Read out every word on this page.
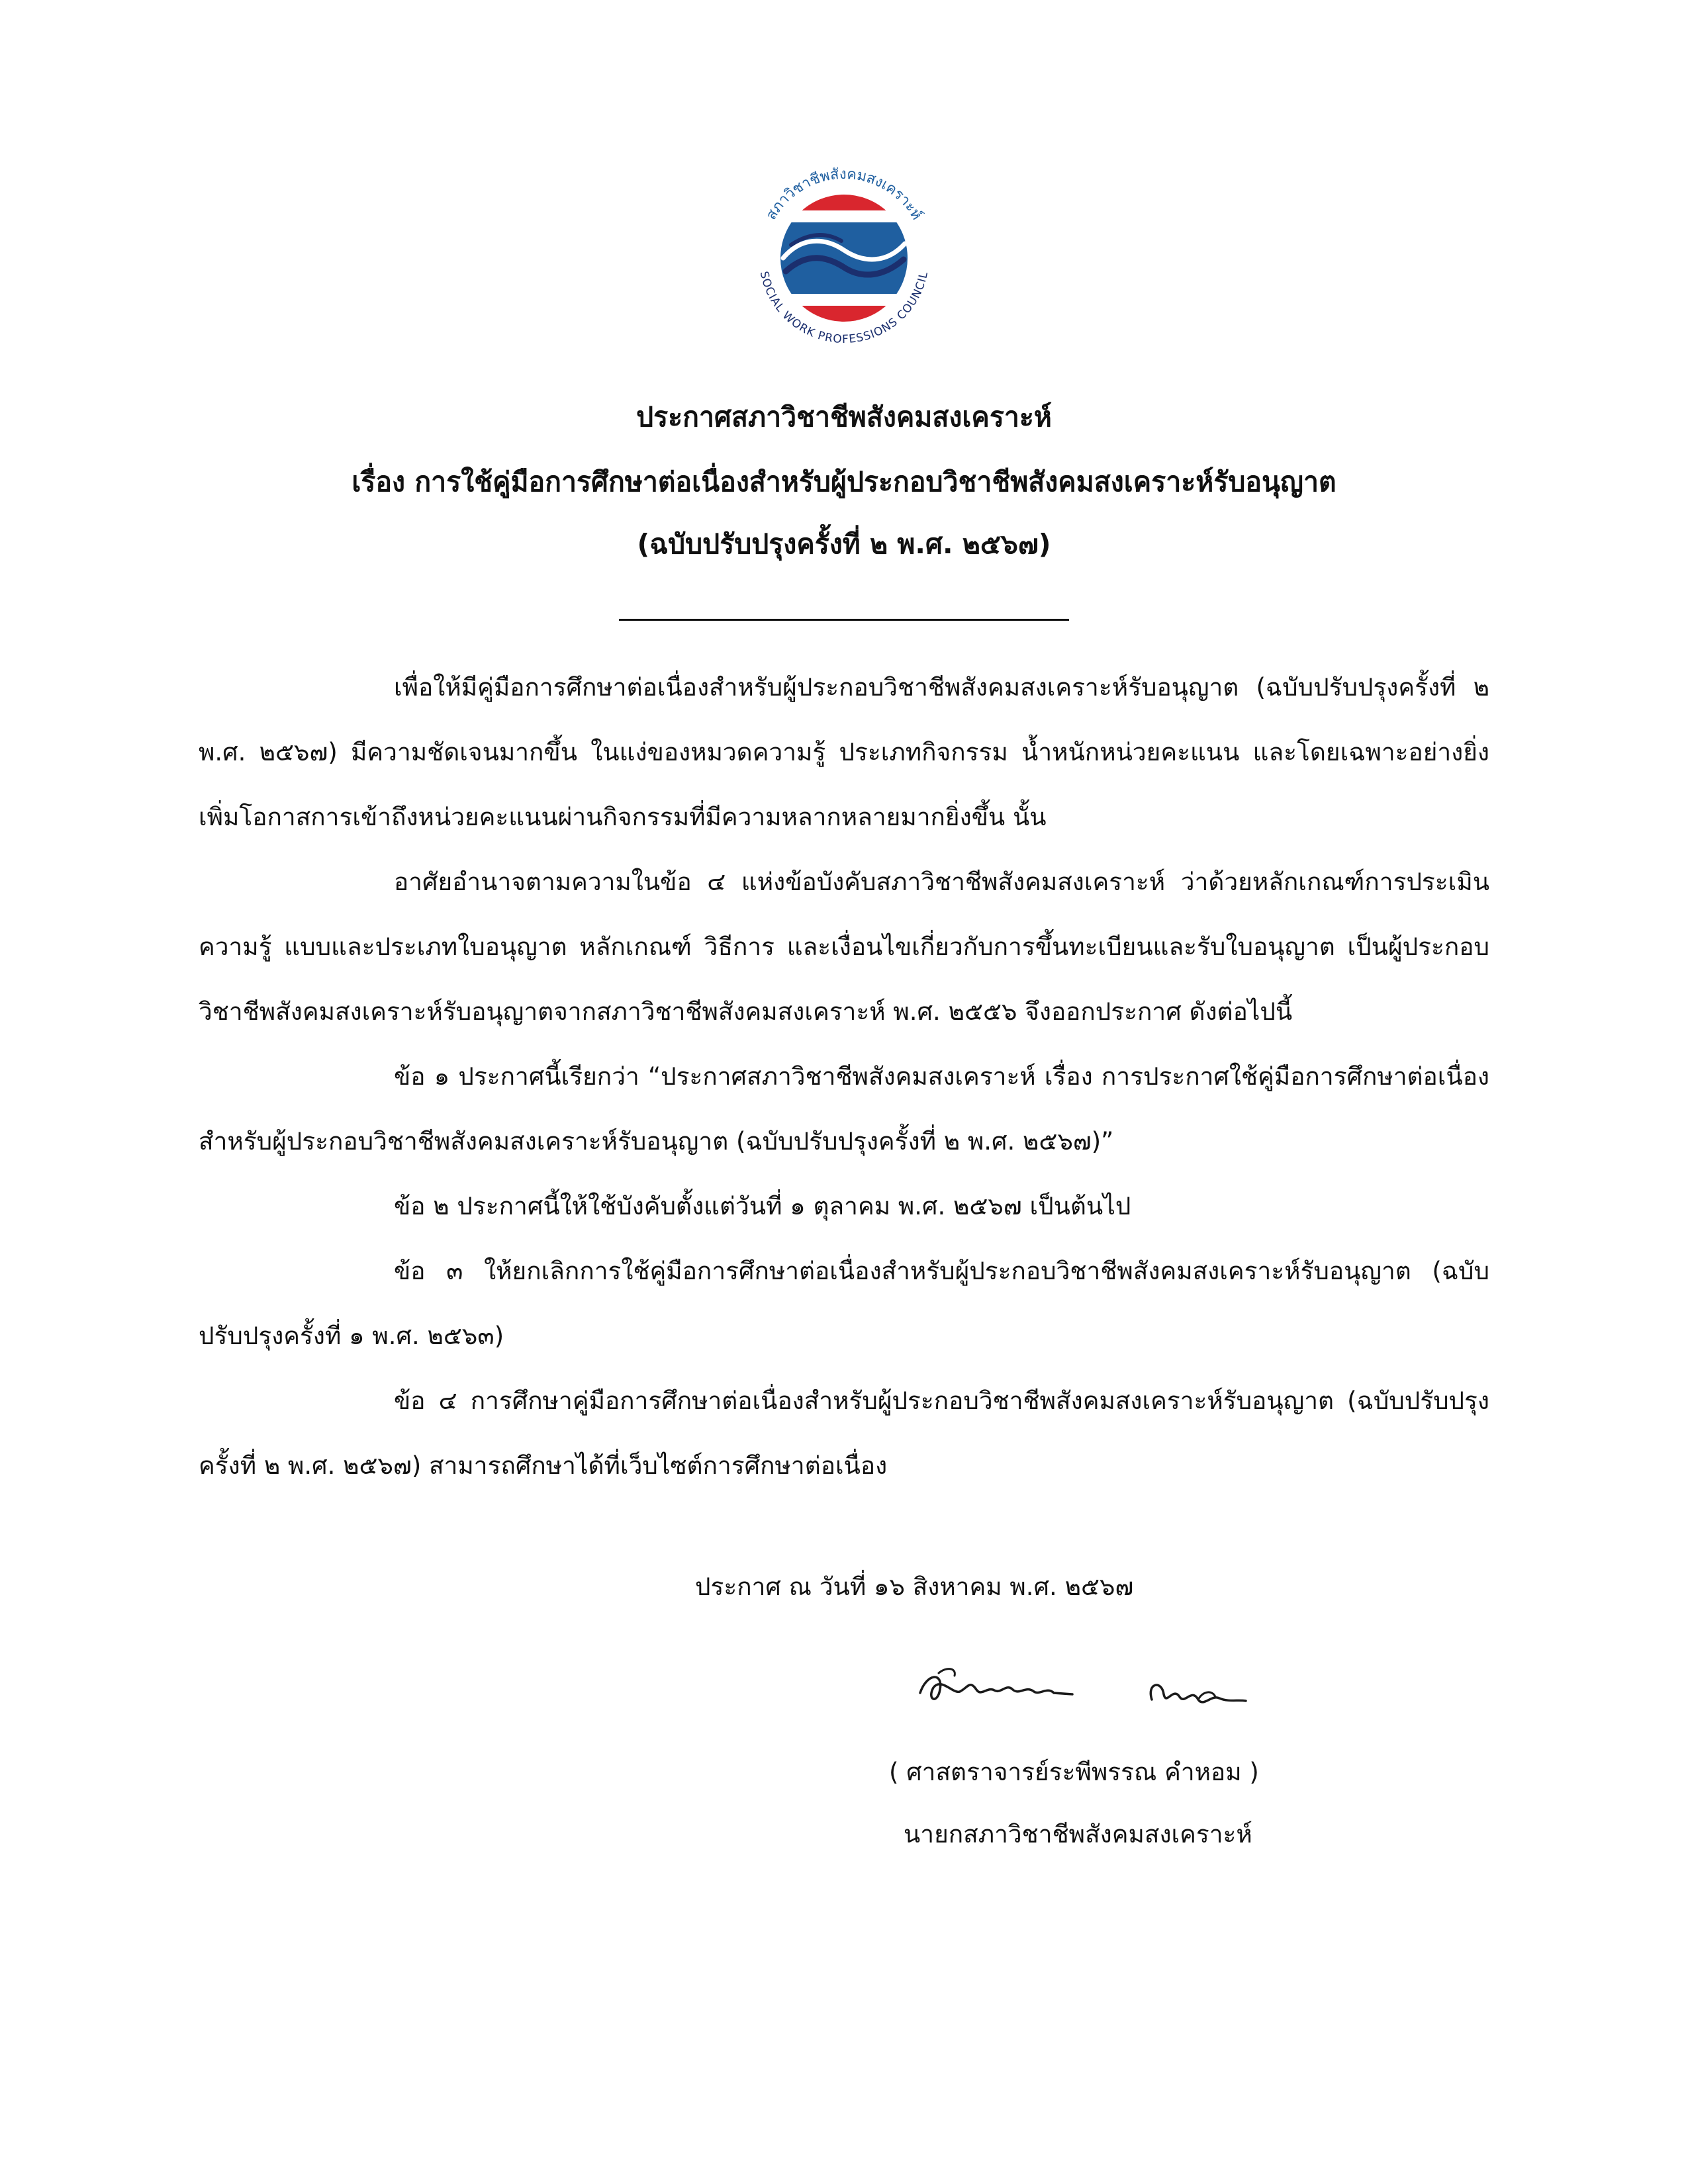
สภาวิชาชีพสังคมสงเคราะห์
SOCIAL WORK PROFESSIONS COUNCIL
ประกาศสภาวิชาชีพสังคมสงเคราะห์
เรื่อง การใช้คู่มือการศึกษาต่อเนื่องสำหรับผู้ประกอบวิชาชีพสังคมสงเคราะห์รับอนุญาต
(ฉบับปรับปรุงครั้งที่ ๒ พ.ศ. ๒๕๖๗)

เพื่อให้มีคู่มือการศึกษาต่อเนื่องสำหรับผู้ประกอบวิชาชีพสังคมสงเคราะห์รับอนุญาต (ฉบับปรับปรุงครั้งที่ ๒ พ.ศ. ๒๕๖๗) มีความชัดเจนมากขึ้น ในแง่ของหมวดความรู้ ประเภทกิจกรรม น้ำหนักหน่วยคะแนน และโดยเฉพาะอย่างยิ่งเพิ่มโอกาสการเข้าถึงหน่วยคะแนนผ่านกิจกรรมที่มีความหลากหลายมากยิ่งขึ้น นั้น

อาศัยอำนาจตามความในข้อ ๔ แห่งข้อบังคับสภาวิชาชีพสังคมสงเคราะห์ ว่าด้วยหลักเกณฑ์การประเมินความรู้ แบบและประเภทใบอนุญาต หลักเกณฑ์ วิธีการ และเงื่อนไขเกี่ยวกับการขึ้นทะเบียนและรับใบอนุญาต เป็นผู้ประกอบวิชาชีพสังคมสงเคราะห์รับอนุญาตจากสภาวิชาชีพสังคมสงเคราะห์ พ.ศ. ๒๕๕๖ จึงออกประกาศ ดังต่อไปนี้

ข้อ ๑ ประกาศนี้เรียกว่า “ประกาศสภาวิชาชีพสังคมสงเคราะห์ เรื่อง การประกาศใช้คู่มือการศึกษาต่อเนื่องสำหรับผู้ประกอบวิชาชีพสังคมสงเคราะห์รับอนุญาต (ฉบับปรับปรุงครั้งที่ ๒ พ.ศ. ๒๕๖๗)”

ข้อ ๒ ประกาศนี้ให้ใช้บังคับตั้งแต่วันที่ ๑ ตุลาคม พ.ศ. ๒๕๖๗ เป็นต้นไป

ข้อ ๓ ให้ยกเลิกการใช้คู่มือการศึกษาต่อเนื่องสำหรับผู้ประกอบวิชาชีพสังคมสงเคราะห์รับอนุญาต (ฉบับปรับปรุงครั้งที่ ๑ พ.ศ. ๒๕๖๓)

ข้อ ๔ การศึกษาคู่มือการศึกษาต่อเนื่องสำหรับผู้ประกอบวิชาชีพสังคมสงเคราะห์รับอนุญาต (ฉบับปรับปรุงครั้งที่ ๒ พ.ศ. ๒๕๖๗) สามารถศึกษาได้ที่เว็บไซต์การศึกษาต่อเนื่อง

ประกาศ ณ วันที่ ๑๖ สิงหาคม พ.ศ. ๒๕๖๗
( ศาสตราจารย์ระพีพรรณ คำหอม )
นายกสภาวิชาชีพสังคมสงเคราะห์
